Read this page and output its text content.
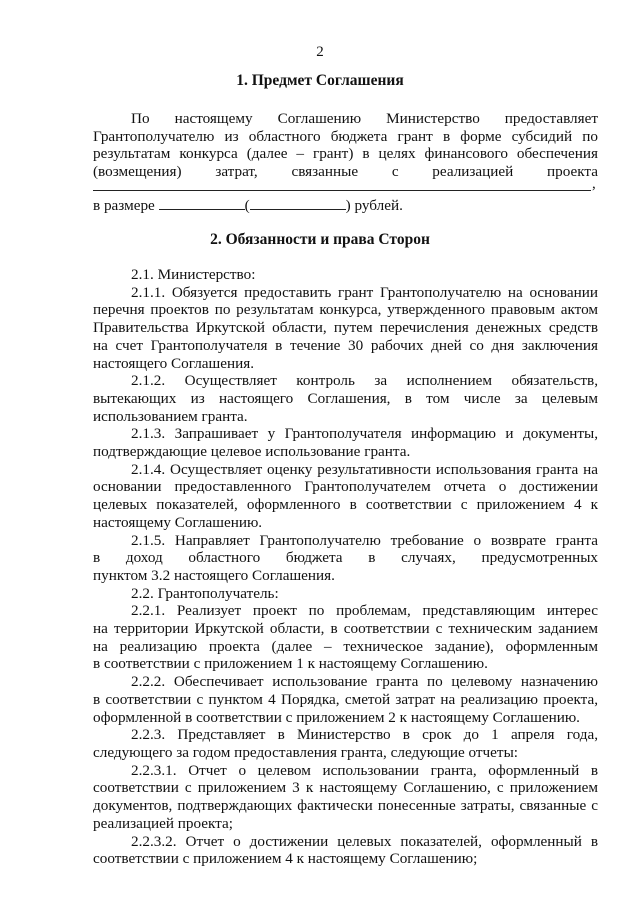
2
1. Предмет Соглашения

По настоящему Соглашению Министерство предоставляет

Грантополучателю из областного бюджета грант в форме субсидий по

результатам конкурса (далее – грант) в целях финансового обеспечения

(возмещения) затрат, связанные с реализацией проекта

,
в размере	(	) рублей.
2. Обязанности и права Сторон

2.1. Министерство:

2.1.1. Обязуется предоставить грант Грантополучателю на основании

перечня проектов по результатам конкурса, утвержденного правовым актом

Правительства Иркутской области, путем перечисления денежных средств

на счет Грантополучателя в течение 30 рабочих дней со дня заключения

настоящего Соглашения.

2.1.2. Осуществляет контроль за исполнением обязательств,

вытекающих из настоящего Соглашения, в том числе за целевым

использованием гранта.

2.1.3. Запрашивает у Грантополучателя информацию и документы,

подтверждающие целевое использование гранта.

2.1.4. Осуществляет оценку результативности использования гранта на

основании предоставленного Грантополучателем отчета о достижении

целевых показателей, оформленного в соответствии с приложением 4 к

настоящему Соглашению.

2.1.5. Направляет Грантополучателю требование о возврате гранта

в доход областного бюджета в случаях, предусмотренных

пунктом 3.2 настоящего Соглашения.

2.2. Грантополучатель:

2.2.1. Реализует проект по проблемам, представляющим интерес

на территории Иркутской области, в соответствии с техническим заданием

на реализацию проекта (далее – техническое задание), оформленным

в соответствии с приложением 1 к настоящему Соглашению.

2.2.2. Обеспечивает использование гранта по целевому назначению

в соответствии с пунктом 4 Порядка, сметой затрат на реализацию проекта,

оформленной в соответствии с приложением 2 к настоящему Соглашению.

2.2.3. Представляет в Министерство в срок до 1 апреля года,

следующего за годом предоставления гранта, следующие отчеты:

2.2.3.1. Отчет о целевом использовании гранта, оформленный в

соответствии с приложением 3 к настоящему Соглашению, с приложением

документов, подтверждающих фактически понесенные затраты, связанные с

реализацией проекта;

2.2.3.2. Отчет о достижении целевых показателей, оформленный в

соответствии с приложением 4 к настоящему Соглашению;
